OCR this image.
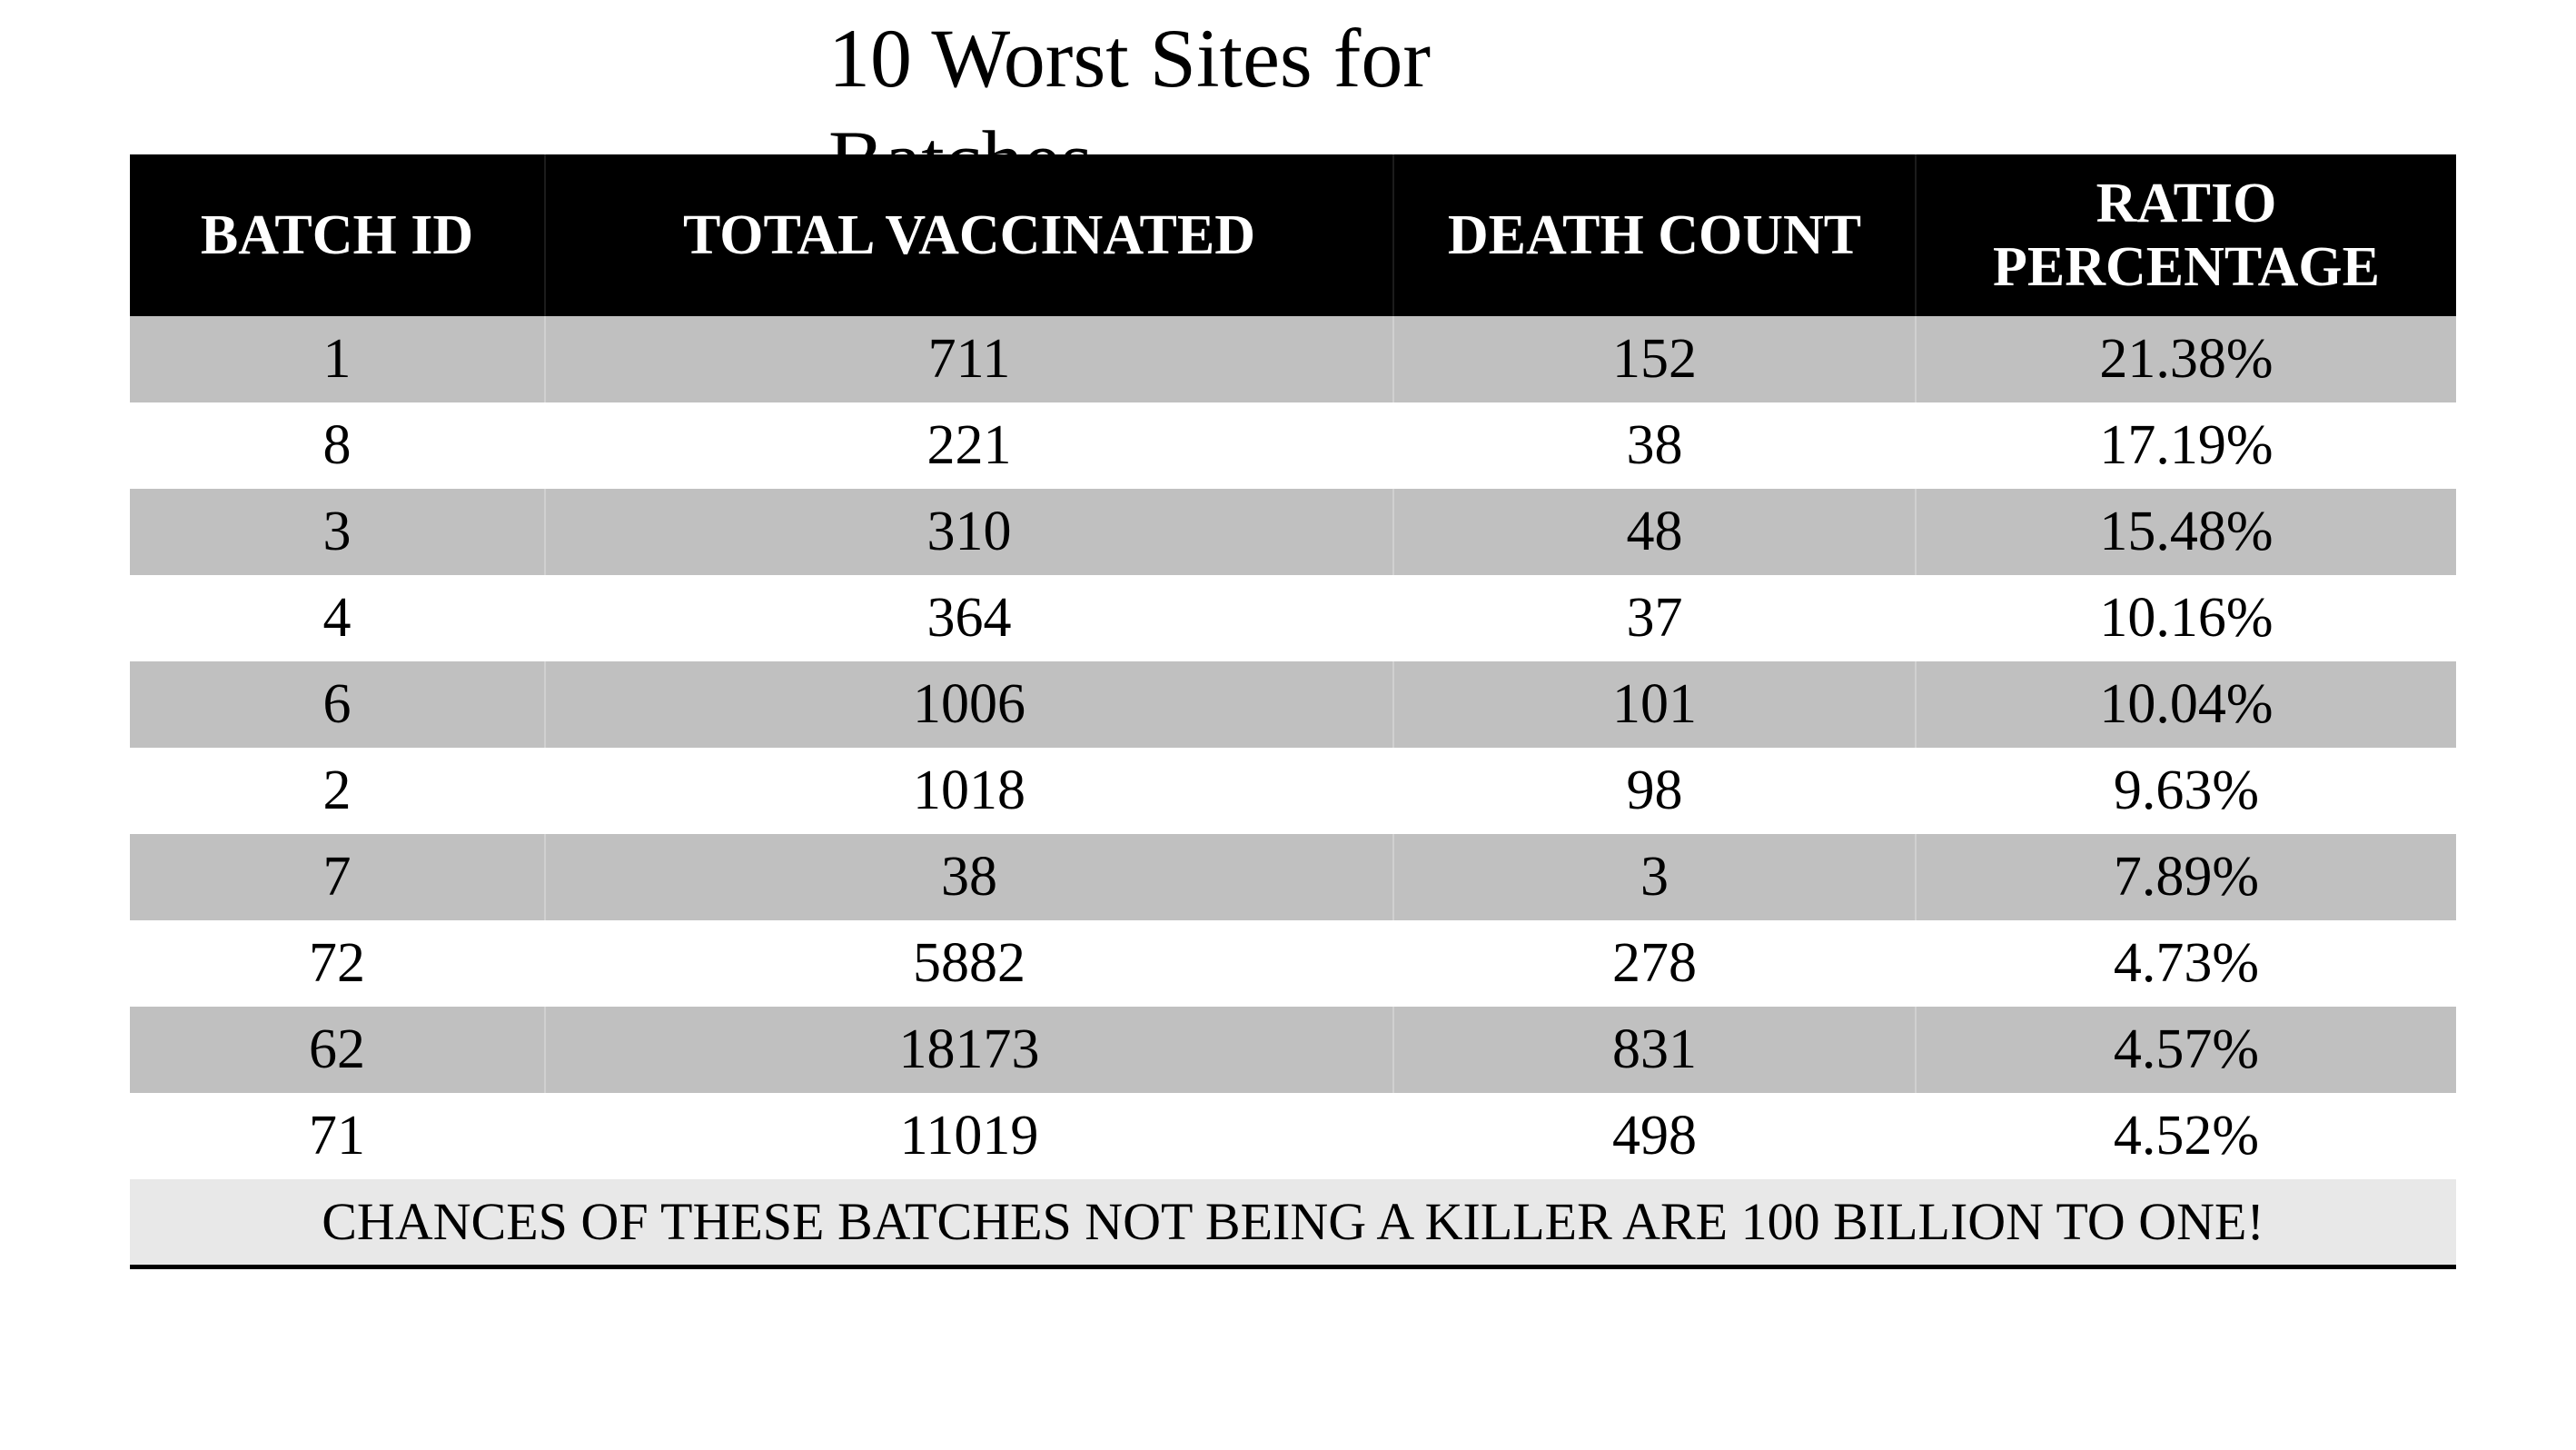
10 Worst Sites for
BATCH ID	TOTAL VACCINATED	DEATH COUNT	RATIO PERCENTAGE
1	711	152	21.38%
8	221	38	17.19%
3	310	48	15.48%
4	364	37	10.16%
6	1006	101	10.04%
2	1018	98	9.63%
7	38	3	7.89%
72	5882	278	4.73%
62	18173	831	4.57%
71	11019	498	4.52%
CHANCES OF THESE BATCHES NOT BEING A KILLER ARE 100 BILLION TO ONE!			
